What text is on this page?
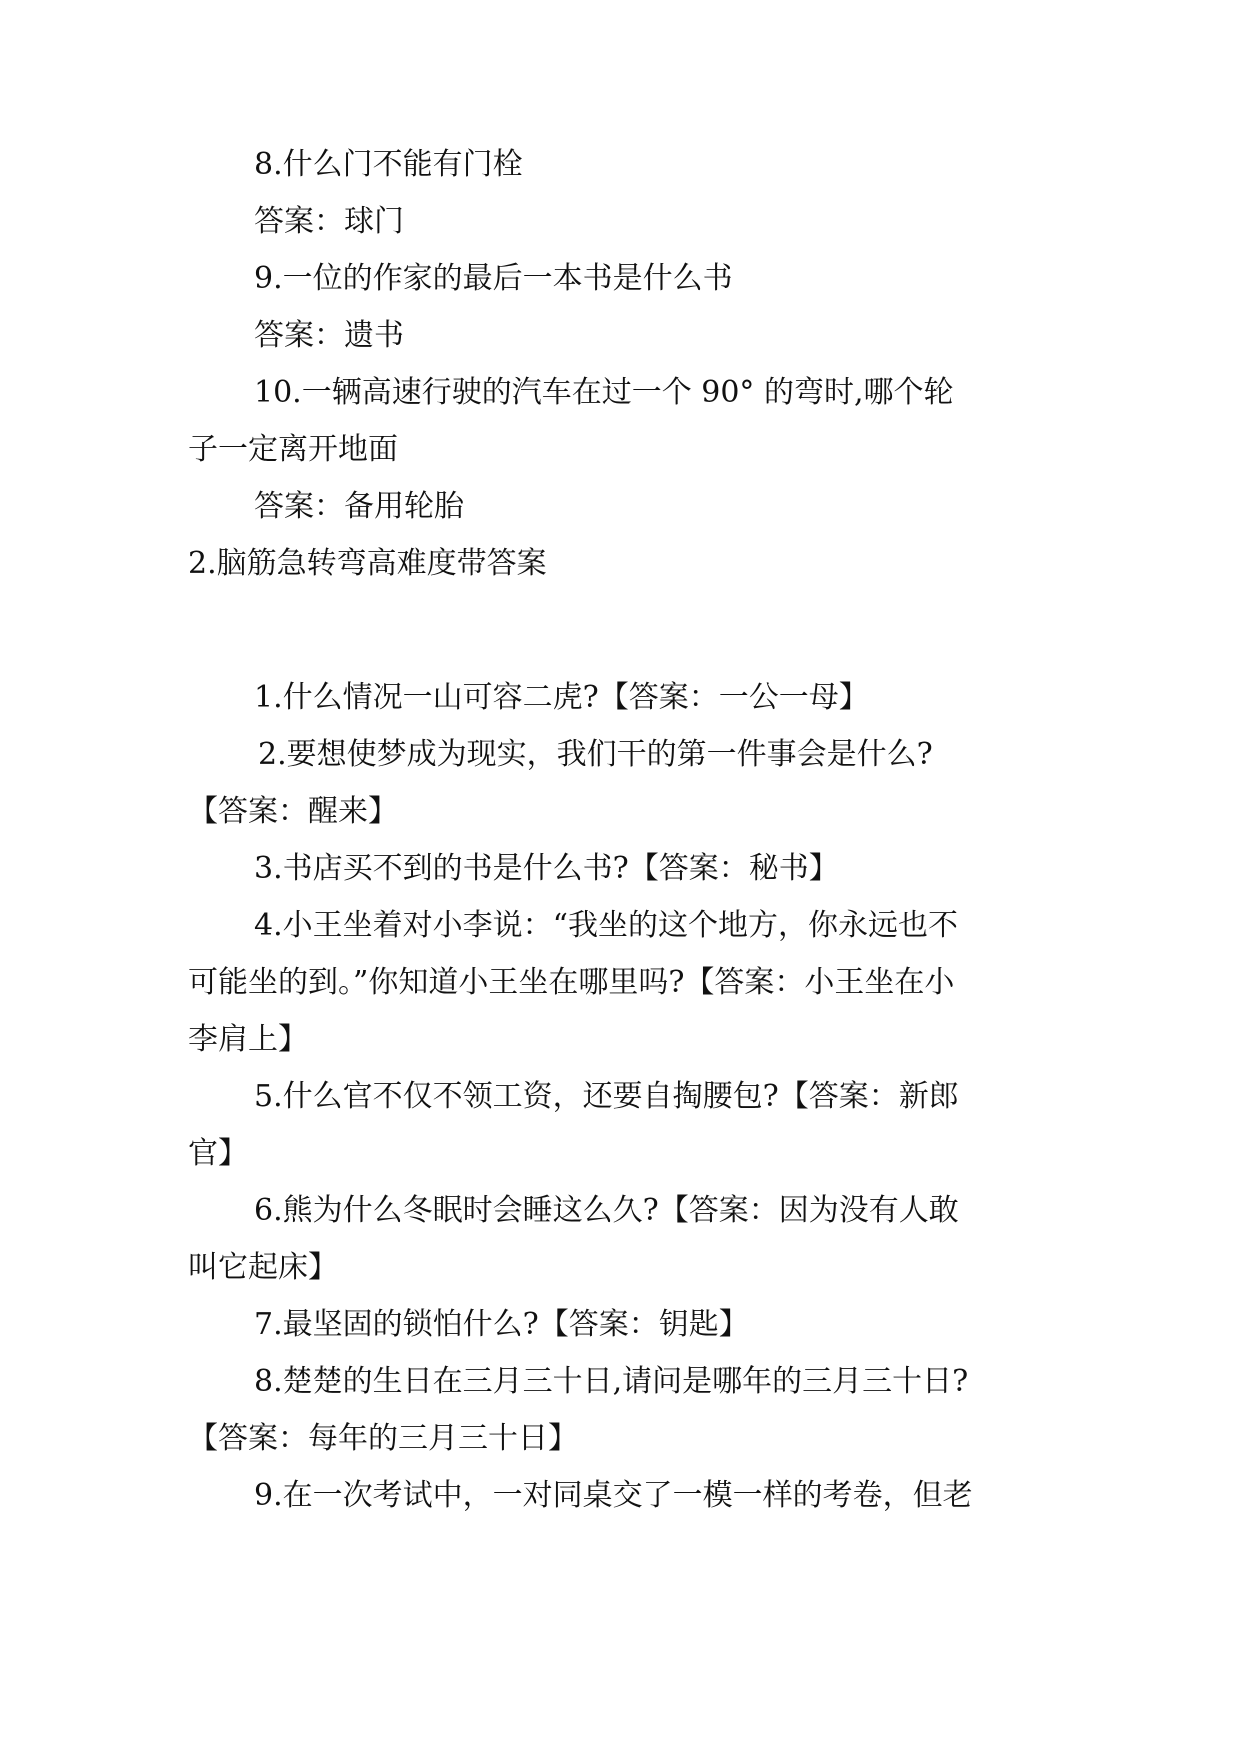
8.什么门不能有门栓
答案：球门
9.一位的作家的最后一本书是什么书
答案：遗书
10.一辆高速行驶的汽车在过一个 90° 的弯时,哪个轮
子一定离开地面
答案：备用轮胎
2.脑筋急转弯高难度带答案
1.什么情况一山可容二虎?【答案：一公一母】
2.要想使梦成为现实，我们干的第一件事会是什么?
【答案：醒来】
3.书店买不到的书是什么书?【答案：秘书】
4.小王坐着对小李说：“我坐的这个地方，你永远也不
可能坐的到。”你知道小王坐在哪里吗?【答案：小王坐在小
李肩上】
5.什么官不仅不领工资，还要自掏腰包?【答案：新郎
官】
6.熊为什么冬眠时会睡这么久?【答案：因为没有人敢
叫它起床】
7.最坚固的锁怕什么?【答案：钥匙】
8.楚楚的生日在三月三十日,请问是哪年的三月三十日?
【答案：每年的三月三十日】
9.在一次考试中，一对同桌交了一模一样的考卷，但老
